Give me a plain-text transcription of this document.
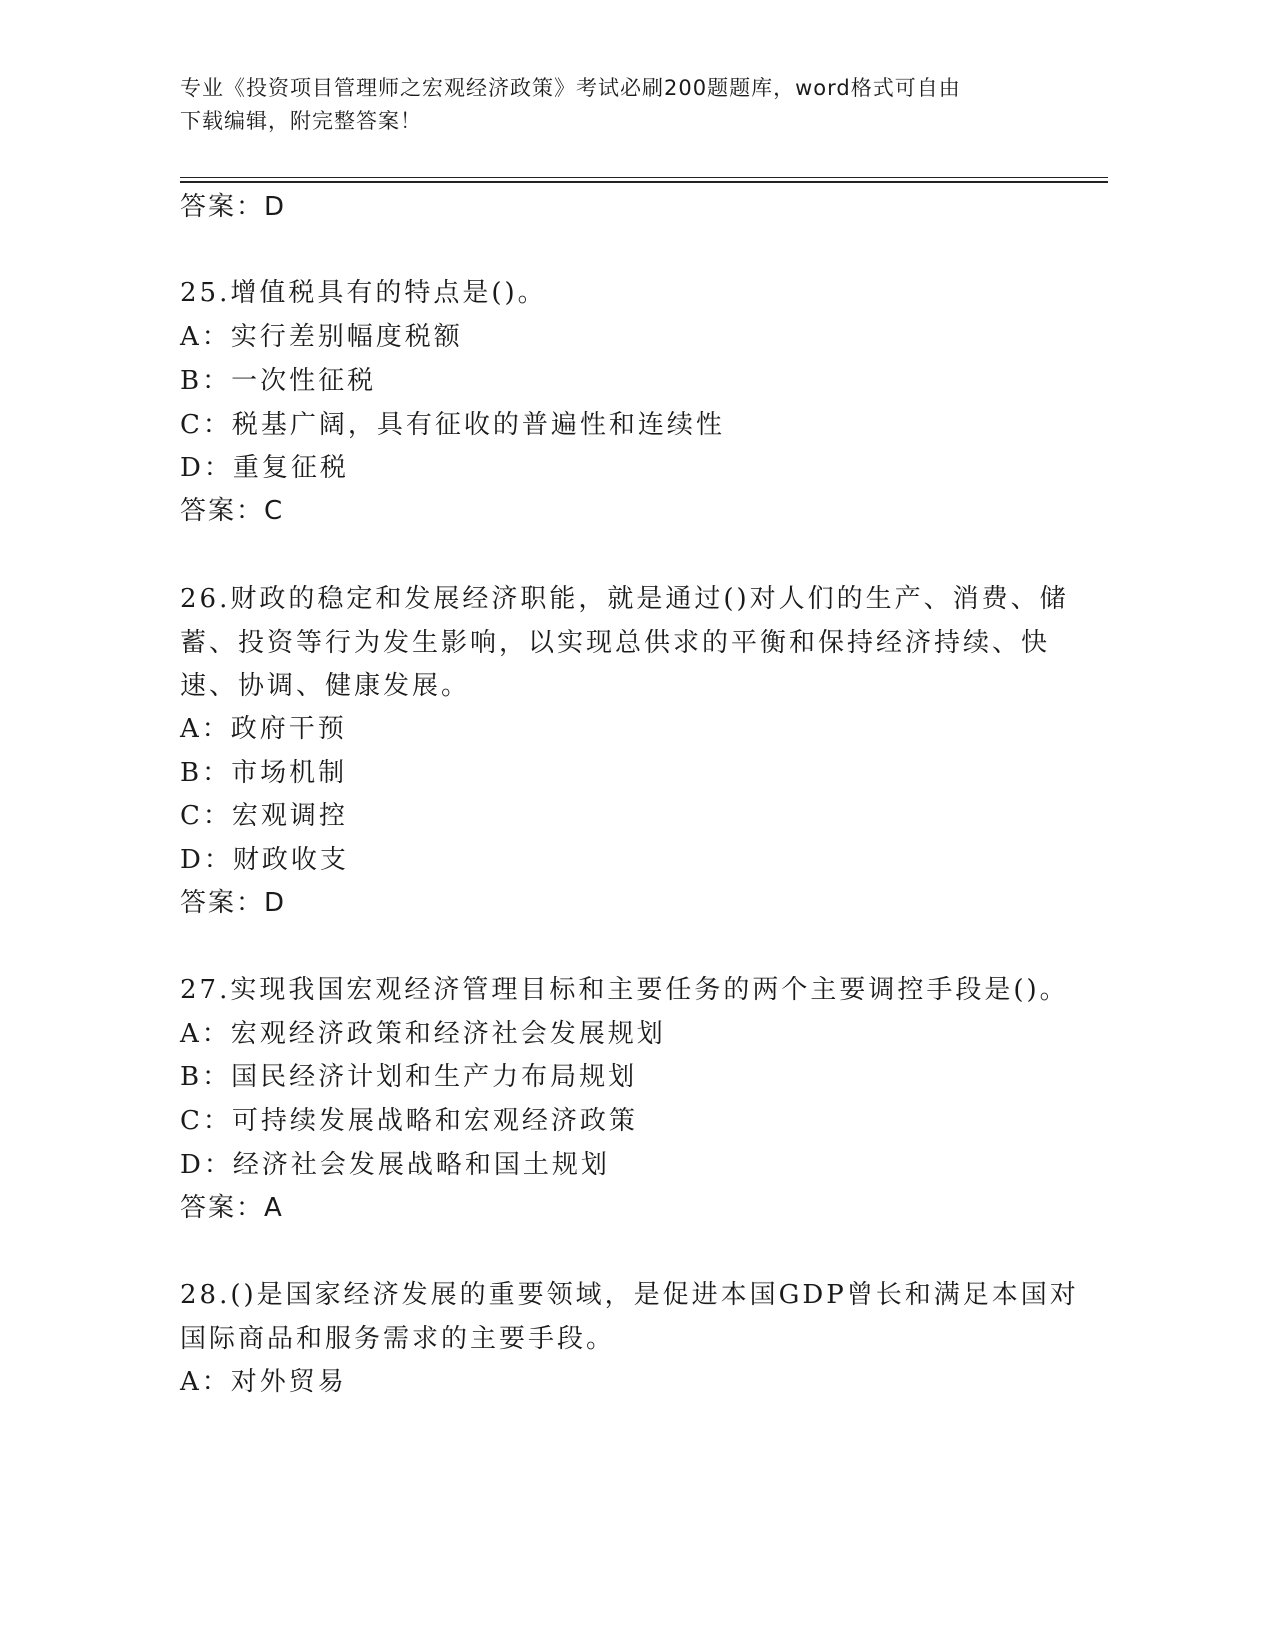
专业《投资项目管理师之宏观经济政策》考试必刷200题题库，word格式可自由
下载编辑，附完整答案！
答案：D
25.增值税具有的特点是()。
A：实行差别幅度税额
B：一次性征税
C：税基广阔，具有征收的普遍性和连续性
D：重复征税
答案：C
26.财政的稳定和发展经济职能，就是通过()对人们的生产、消费、储
蓄、投资等行为发生影响，以实现总供求的平衡和保持经济持续、快
速、协调、健康发展。
A：政府干预
B：市场机制
C：宏观调控
D：财政收支
答案：D
27.实现我国宏观经济管理目标和主要任务的两个主要调控手段是()。
A：宏观经济政策和经济社会发展规划
B：国民经济计划和生产力布局规划
C：可持续发展战略和宏观经济政策
D：经济社会发展战略和国土规划
答案：A
28.()是国家经济发展的重要领域，是促进本国GDP曾长和满足本国对
国际商品和服务需求的主要手段。
A：对外贸易
